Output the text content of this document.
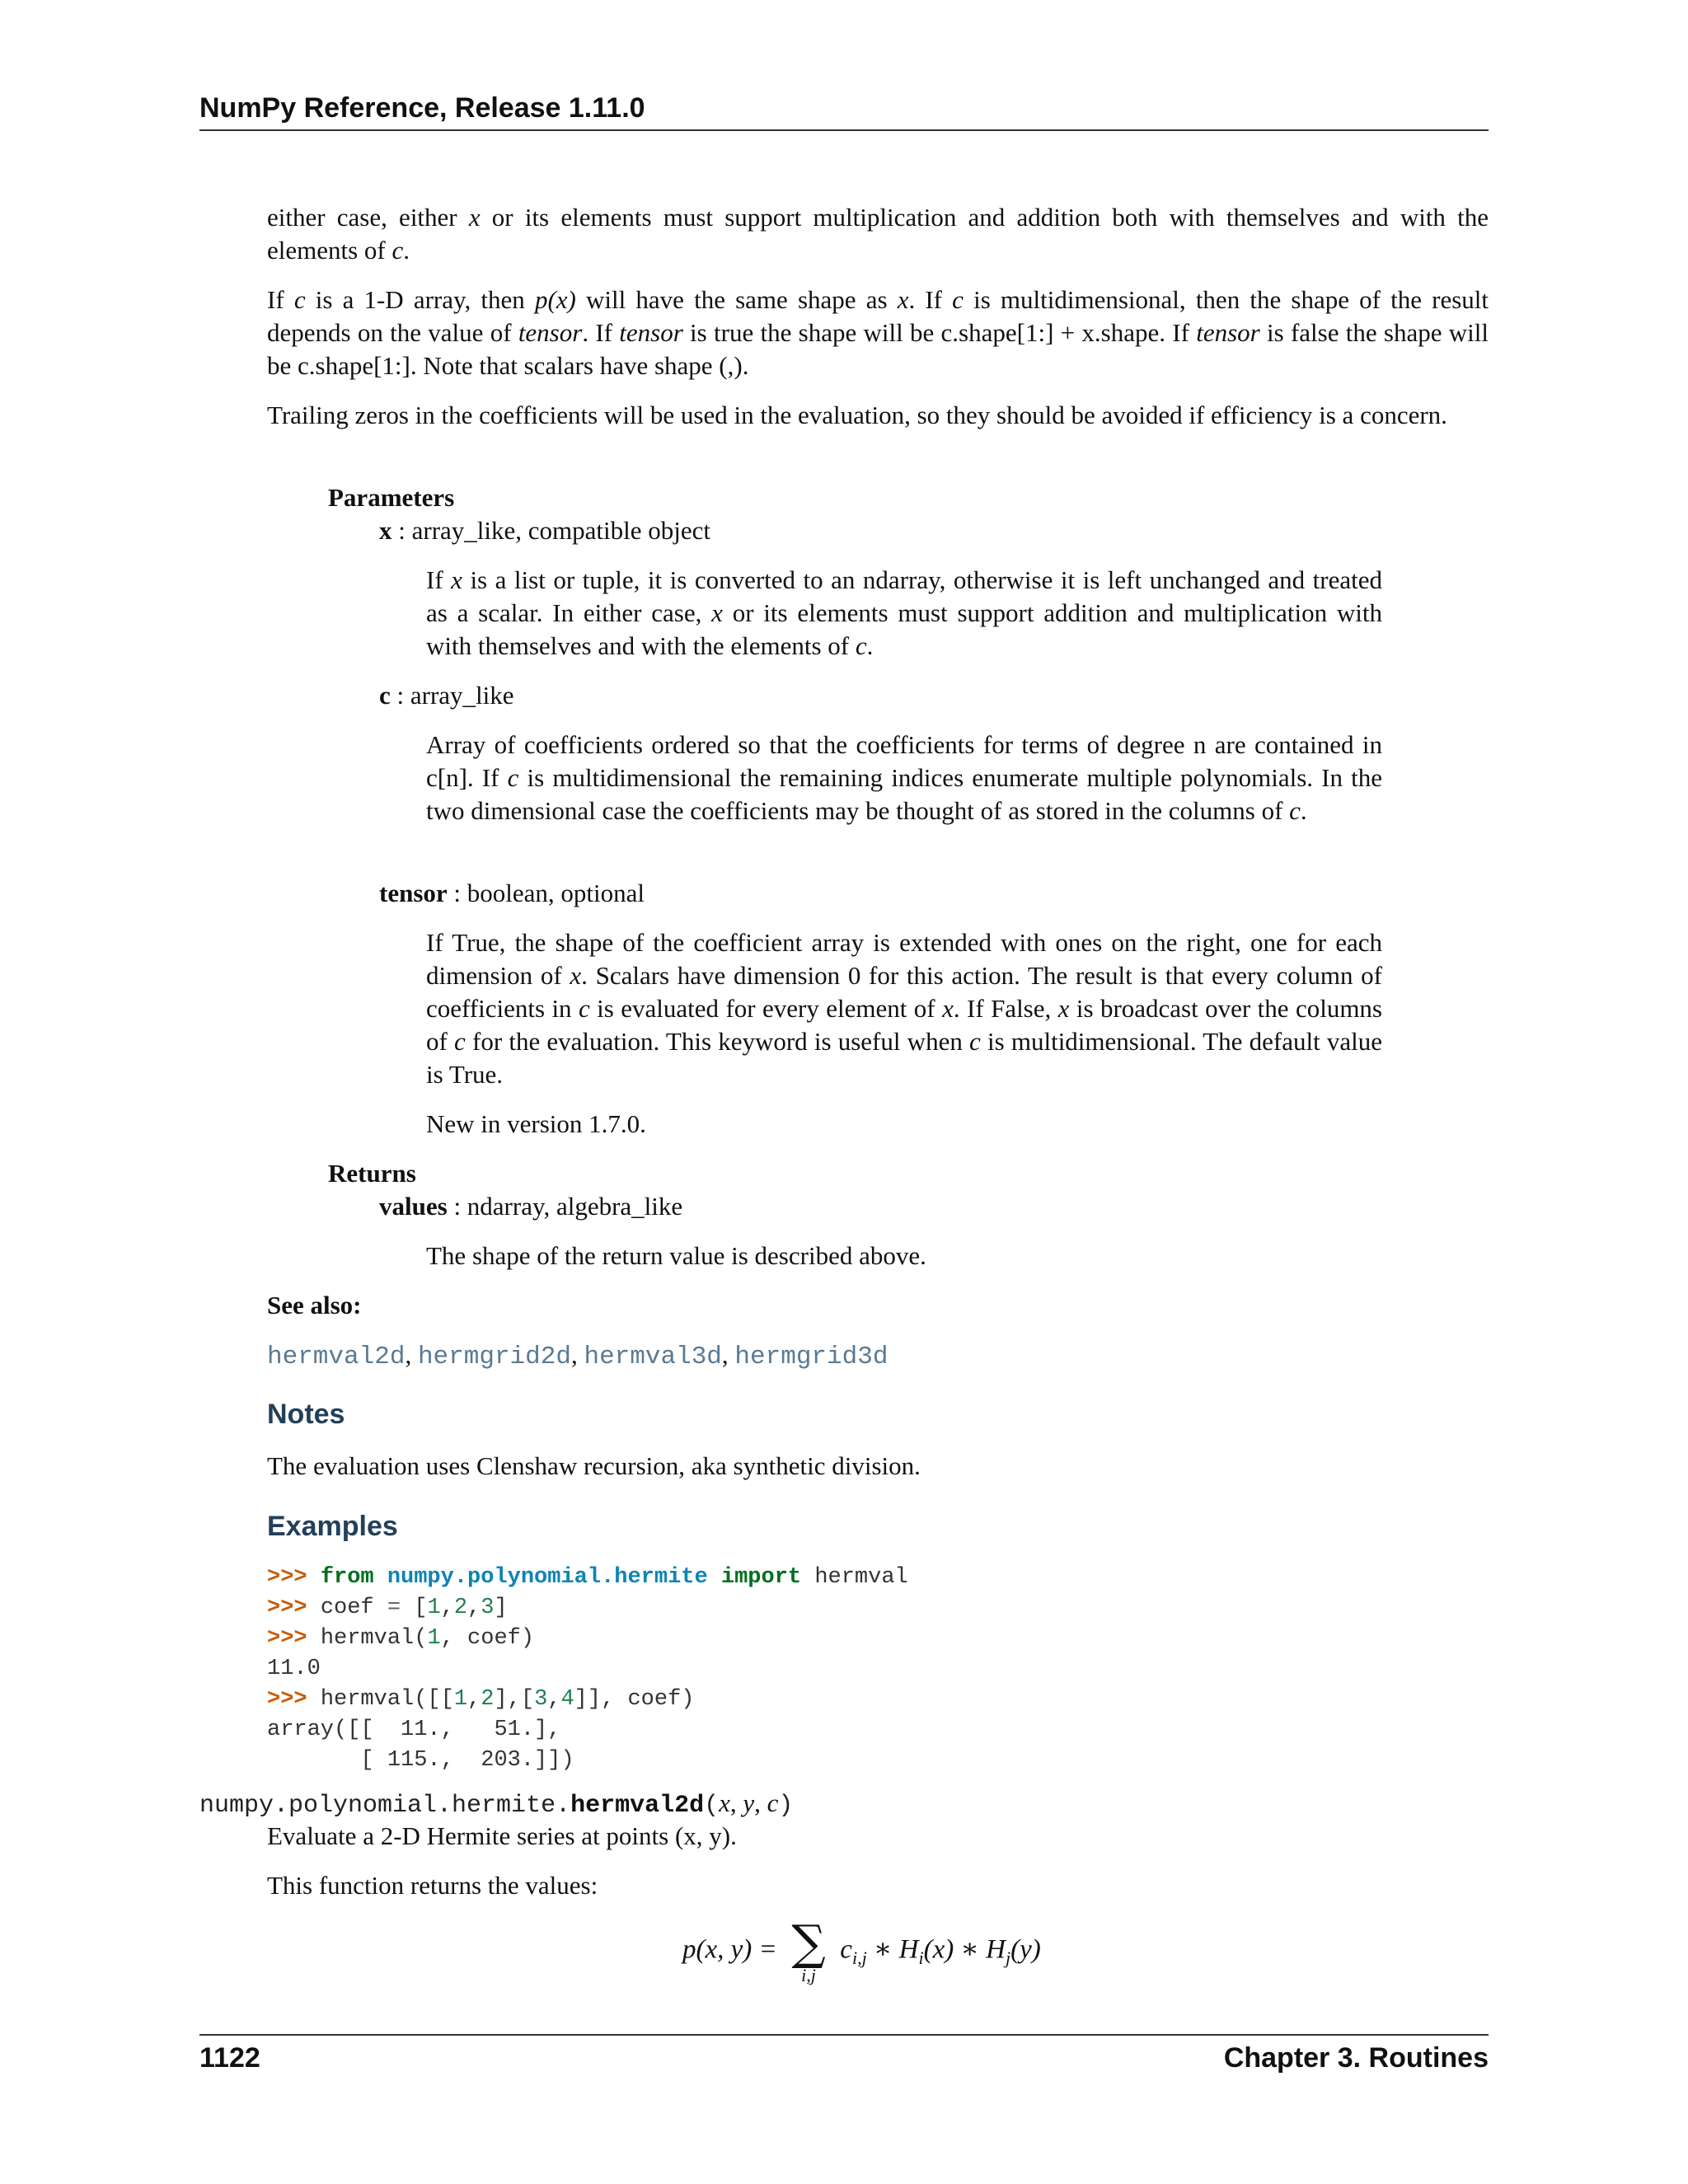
NumPy Reference, Release 1.11.0

either case, either x or its elements must support multiplication and addition both with themselves and with the elements of c.

If c is a 1-D array, then p(x) will have the same shape as x. If c is multidimensional, then the shape of the result depends on the value of tensor. If tensor is true the shape will be c.shape[1:] + x.shape. If tensor is false the shape will be c.shape[1:]. Note that scalars have shape (,).

Trailing zeros in the coefficients will be used in the evaluation, so they should be avoided if efficiency is a concern.

Parameters
x : array_like, compatible object

If x is a list or tuple, it is converted to an ndarray, otherwise it is left unchanged and treated as a scalar. In either case, x or its elements must support addition and multiplication with with themselves and with the elements of c.

c : array_like

Array of coefficients ordered so that the coefficients for terms of degree n are contained in c[n]. If c is multidimensional the remaining indices enumerate multiple polynomials. In the two dimensional case the coefficients may be thought of as stored in the columns of c.

tensor : boolean, optional

If True, the shape of the coefficient array is extended with ones on the right, one for each dimension of x. Scalars have dimension 0 for this action. The result is that every column of coefficients in c is evaluated for every element of x. If False, x is broadcast over the columns of c for the evaluation. This keyword is useful when c is multidimensional. The default value is True.

New in version 1.7.0.
Returns
values : ndarray, algebra_like
The shape of the return value is described above.
See also:
hermval2d, hermgrid2d, hermval3d, hermgrid3d
Notes
The evaluation uses Clenshaw recursion, aka synthetic division.
Examples
>>> from numpy.polynomial.hermite import hermval
>>> coef = [1,2,3]
>>> hermval(1, coef)
11.0
>>> hermval([[1,2],[3,4]], coef)
array([[  11.,   51.],
[ 115.,  203.]])
numpy.polynomial.hermite.hermval2d(x, y, c)
Evaluate a 2-D Hermite series at points (x, y).
This function returns the values:
p(x, y) = ∑
i,j
$c_{i,j}$ ∗ $H_i(x)$ ∗ $H_j(y)$
1122	Chapter 3. Routines
